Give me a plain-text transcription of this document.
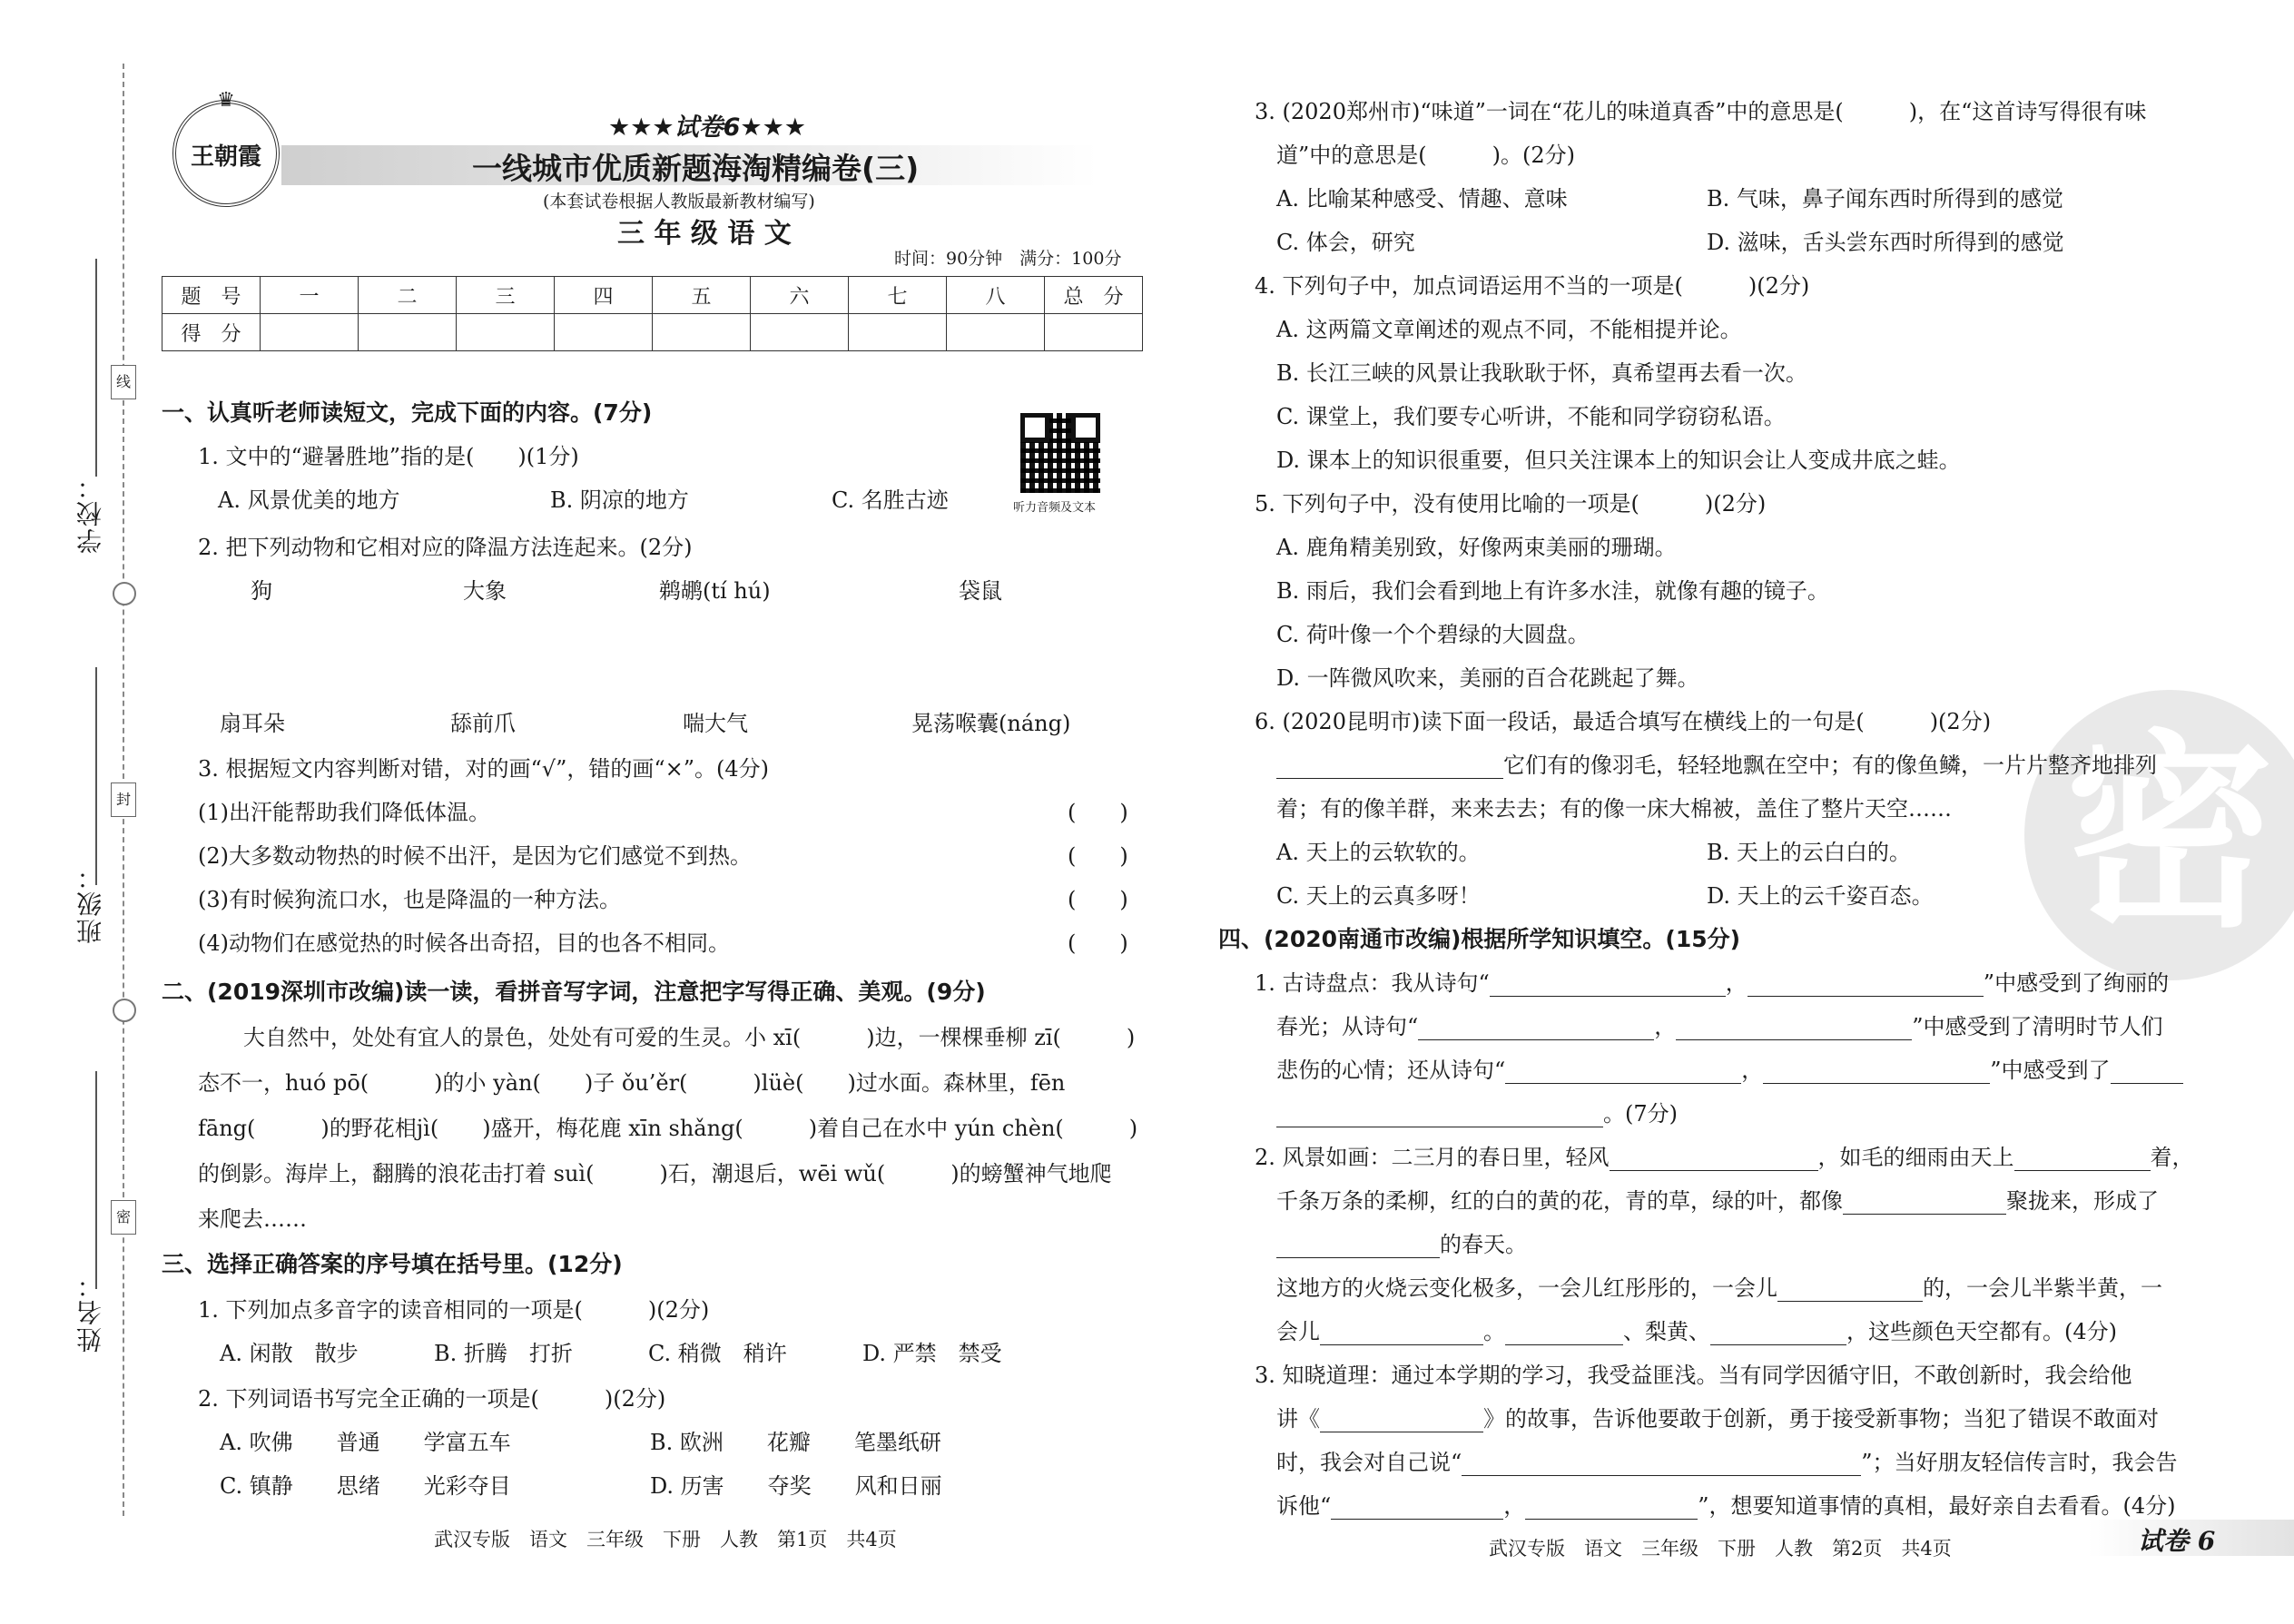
学校：
班级：
姓名：
线
封
密
♛
王朝霞
★★★试卷6★★★
一线城市优质新题海淘精编卷(三)
(本套试卷根据人教版最新教材编写)
三 年 级 语 文
时间：90分钟　满分：100分
题　号	一	二	三	四	五	六	七	八	总　分
得　分									
听力音频及文本
一、认真听老师读短文，完成下面的内容。(7分)
1. 文中的“避暑胜地”指的是(　　)(1分)
A. 风景优美的地方	B. 阴凉的地方	C. 名胜古迹
2. 把下列动物和它相对应的降温方法连起来。(2分)
狗	大象	鹈鹕(tí hú)	袋鼠
扇耳朵	舔前爪	喘大气	晃荡喉囊(náng)
3. 根据短文内容判断对错，对的画“√”，错的画“×”。(4分)
(1)出汗能帮助我们降低体温。	(　　)
(2)大多数动物热的时候不出汗，是因为它们感觉不到热。	(　　)
(3)有时候狗流口水，也是降温的一种方法。	(　　)
(4)动物们在感觉热的时候各出奇招，目的也各不相同。	(　　)
二、(2019深圳市改编)读一读，看拼音写字词，注意把字写得正确、美观。(9分)
大自然中，处处有宜人的景色，处处有可爱的生灵。小 xī(　　　)边，一棵棵垂柳 zī(　　　)
态不一，huó pō(　　　)的小 yàn(　　)子 ǒu’ěr(　　　)lüè(　　)过水面。森林里，fēn
fāng(　　　)的野花相jì(　　)盛开，梅花鹿 xīn shǎng(　　　)着自己在水中 yún chèn(　　　)
的倒影。海岸上，翻腾的浪花击打着 suì(　　　)石，潮退后，wēi wǔ(　　　)的螃蟹神气地爬
来爬去……
三、选择正确答案的序号填在括号里。(12分)
1. 下列加点多音字的读音相同的一项是(　　　)(2分)
A. 闲散　散步	B. 折腾　打折	C. 稍微　稍许	D. 严禁　禁受
2. 下列词语书写完全正确的一项是(　　　)(2分)
A. 吹佛　　普通　　学富五车	B. 欧洲　　花瓣　　笔墨纸研
C. 镇静　　思绪　　光彩夺目	D. 历害　　夺奖　　风和日丽
武汉专版　语文　三年级　下册　人教　第1页　共4页
密
3. (2020郑州市)“味道”一词在“花儿的味道真香”中的意思是(　　　)，在“这首诗写得很有味
道”中的意思是(　　　)。(2分)
A. 比喻某种感受、情趣、意味	B. 气味，鼻子闻东西时所得到的感觉
C. 体会，研究	D. 滋味，舌头尝东西时所得到的感觉
4. 下列句子中，加点词语运用不当的一项是(　　　)(2分)
A. 这两篇文章阐述的观点不同，不能相提并论。
B. 长江三峡的风景让我耿耿于怀，真希望再去看一次。
C. 课堂上，我们要专心听讲，不能和同学窃窃私语。
D. 课本上的知识很重要，但只关注课本上的知识会让人变成井底之蛙。
5. 下列句子中，没有使用比喻的一项是(　　　)(2分)
A. 鹿角精美别致，好像两束美丽的珊瑚。
B. 雨后，我们会看到地上有许多水洼，就像有趣的镜子。
C. 荷叶像一个个碧绿的大圆盘。
D. 一阵微风吹来，美丽的百合花跳起了舞。
6. (2020昆明市)读下面一段话，最适合填写在横线上的一句是(　　　)(2分)
它们有的像羽毛，轻轻地飘在空中；有的像鱼鳞，一片片整齐地排列
着；有的像羊群，来来去去；有的像一床大棉被，盖住了整片天空……
A. 天上的云软软的。	B. 天上的云白白的。
C. 天上的云真多呀！	D. 天上的云千姿百态。
四、(2020南通市改编)根据所学知识填空。(15分)
1. 古诗盘点：我从诗句“	，	”中感受到了绚丽的
春光；从诗句“	，	”中感受到了清明时节人们
悲伤的心情；还从诗句“	，	”中感受到了
。(7分)
2. 风景如画：二三月的春日里，轻风	，如毛的细雨由天上	着，
千条万条的柔柳，红的白的黄的花，青的草，绿的叶，都像	聚拢来，形成了
的春天。
这地方的火烧云变化极多，一会儿红彤彤的，一会儿	的，一会儿半紫半黄，一
会儿	。	、梨黄、	，这些颜色天空都有。(4分)
3. 知晓道理：通过本学期的学习，我受益匪浅。当有同学因循守旧，不敢创新时，我会给他
讲《	》的故事，告诉他要敢于创新，勇于接受新事物；当犯了错误不敢面对
时，我会对自己说“	”；当好朋友轻信传言时，我会告
诉他“	，	”，想要知道事情的真相，最好亲自去看看。(4分)
武汉专版　语文　三年级　下册　人教　第2页　共4页	试卷 6
